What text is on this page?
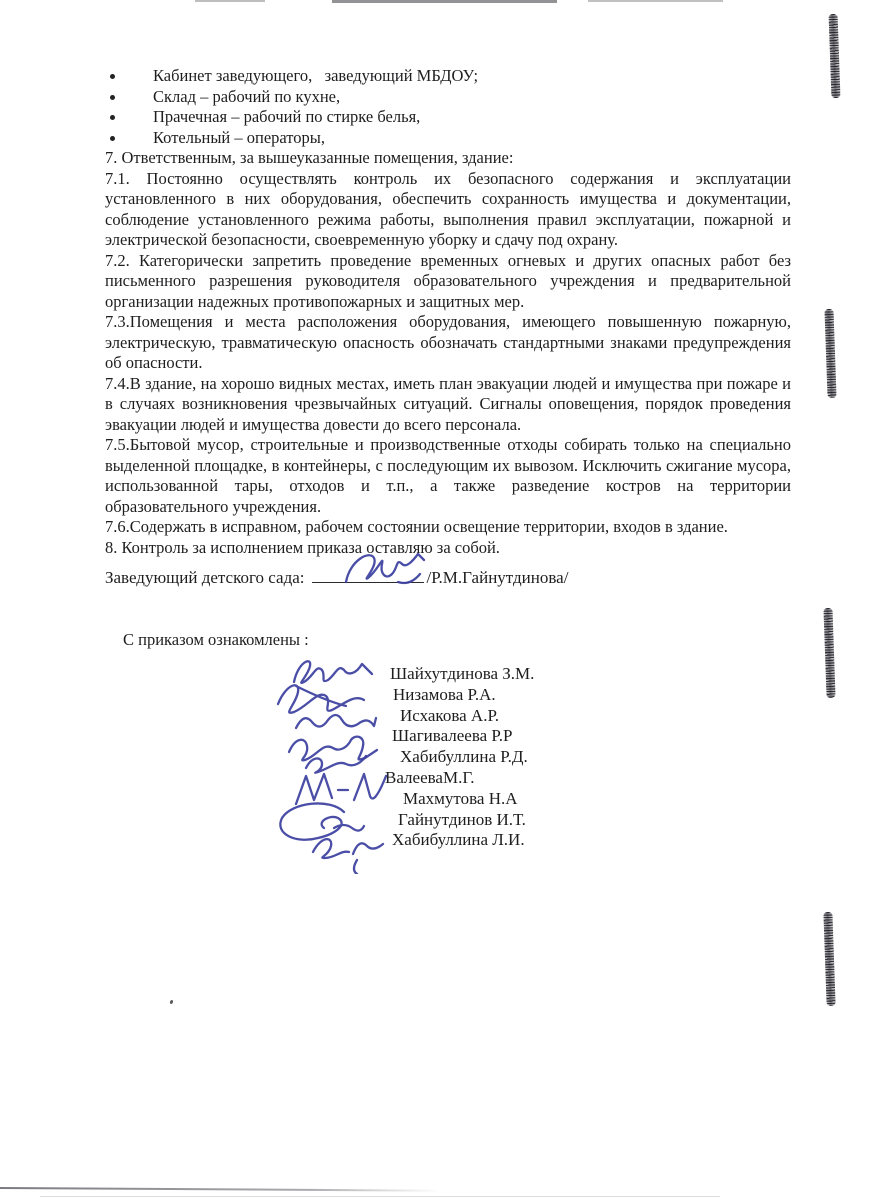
Кабинет заведующего,   заведующий МБДОУ;
Склад – рабочий по кухне,
Прачечная – рабочий по стирке белья,
Котельный – операторы,

7. Ответственным, за вышеуказанные помещения, здание:

7.1. Постоянно осуществлять контроль их безопасного содержания и эксплуатации установленного в них оборудования, обеспечить сохранность имущества и документации, соблюдение установленного режима работы, выполнения правил эксплуатации, пожарной и электрической безопасности, своевременную уборку и сдачу под охрану.

7.2. Категорически запретить проведение временных огневых и других опасных работ без письменного разрешения руководителя образовательного учреждения и предварительной организации надежных противопожарных и защитных мер.

7.3.Помещения и места расположения оборудования, имеющего повышенную пожарную, электрическую, травматическую опасность обозначать стандартными знаками предупреждения об опасности.

7.4.В здание, на хорошо видных местах, иметь план эвакуации людей и имущества при пожаре и в случаях возникновения чрезвычайных ситуаций. Сигналы оповещения, порядок проведения эвакуации людей и имущества довести до всего персонала.

7.5.Бытовой мусор, строительные и производственные отходы собирать только на специально выделенной площадке, в контейнеры, с последующим их вывозом. Исключить сжигание мусора, использованной тары, отходов и т.п., а также разведение костров на территории образовательного учреждения.

7.6.Содержать в исправном, рабочем состоянии освещение территории, входов в здание.

8. Контроль за исполнением приказа оставляю за собой.

Заведующий детского сада:	/Р.М.Гайнутдинова/
С приказом ознакомлены :
Шайхутдинова З.М.
Низамова Р.А.
Исхакова А.Р.
Шагивалеева Р.Р
Хабибуллина Р.Д.
ВалееваМ.Г.
Махмутова Н.А
Гайнутдинов И.Т.
Хабибуллина Л.И.
